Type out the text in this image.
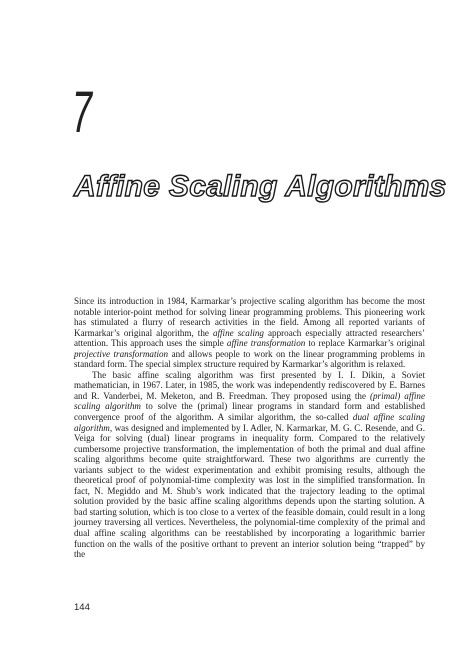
7
Affine Scaling Algorithms

Since its introduction in 1984, Karmarkar’s projective scaling algorithm has become the most notable interior-point method for solving linear programming problems. This pioneering work has stimulated a flurry of research activities in the field. Among all reported variants of Karmarkar’s original algorithm, the affine scaling approach especially attracted researchers’ attention. This approach uses the simple affine transformation to replace Karmarkar’s original projective transformation and allows people to work on the linear programming problems in standard form. The special simplex structure required by Karmarkar’s algorithm is relaxed.

The basic affine scaling algorithm was first presented by I. I. Dikin, a Soviet mathematician, in 1967. Later, in 1985, the work was independently rediscovered by E. Barnes and R. Vanderbei, M. Meketon, and B. Freedman. They proposed using the (primal) affine scaling algorithm to solve the (primal) linear programs in standard form and established convergence proof of the algorithm. A similar algorithm, the so-called dual affine scaling algorithm, was designed and implemented by I. Adler, N. Karmarkar, M. G. C. Resende, and G. Veiga for solving (dual) linear programs in inequality form. Compared to the relatively cumbersome projective transformation, the implementation of both the primal and dual affine scaling algorithms become quite straightforward. These two algorithms are currently the variants subject to the widest experimentation and exhibit promising results, although the theoretical proof of polynomial-time complexity was lost in the simplified transformation. In fact, N. Megiddo and M. Shub’s work indicated that the trajectory leading to the optimal solution provided by the basic affine scaling algorithms depends upon the starting solution. A bad starting solution, which is too close to a vertex of the feasible domain, could result in a long journey traversing all vertices. Nevertheless, the polynomial-time complexity of the primal and dual affine scaling algorithms can be reestablished by incorporating a logarithmic barrier function on the walls of the positive orthant to prevent an interior solution being “trapped” by the

144
